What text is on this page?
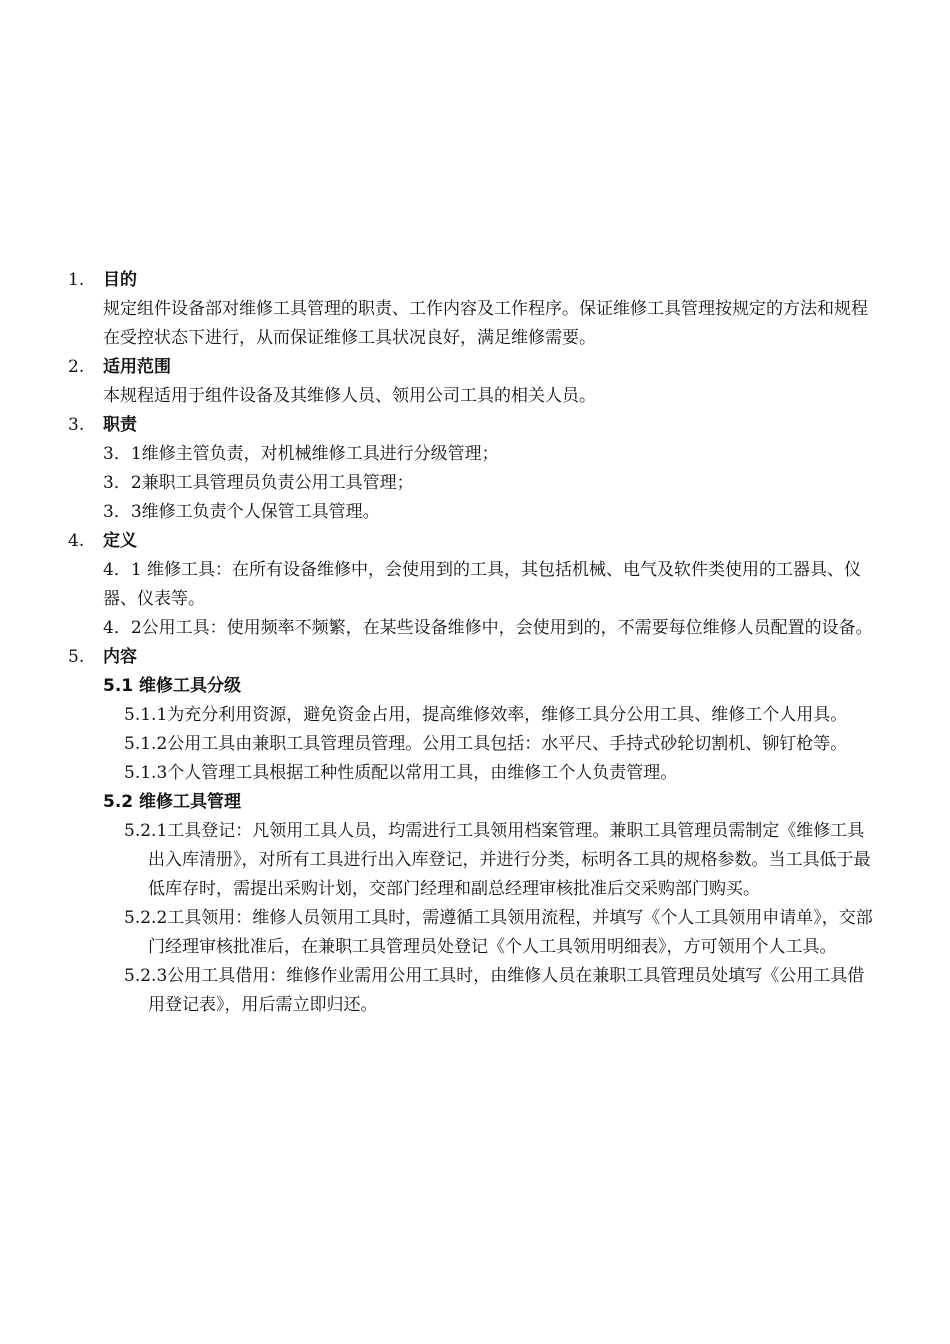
1. 目的
规定组件设备部对维修工具管理的职责、工作内容及工作程序。保证维修工具管理按规定的方法和规程在受控状态下进行，从而保证维修工具状况良好，满足维修需要。
2. 适用范围
本规程适用于组件设备及其维修人员、领用公司工具的相关人员。
3. 职责
3．1维修主管负责，对机械维修工具进行分级管理；
3．2兼职工具管理员负责公用工具管理；
3．3维修工负责个人保管工具管理。
4. 定义
4．1 维修工具：在所有设备维修中，会使用到的工具，其包括机械、电气及软件类使用的工器具、仪器、仪表等。
4．2公用工具：使用频率不频繁，在某些设备维修中，会使用到的，不需要每位维修人员配置的设备。
5. 内容
5.1 维修工具分级
5.1.1为充分利用资源，避免资金占用，提高维修效率，维修工具分公用工具、维修工个人用具。
5.1.2公用工具由兼职工具管理员管理。公用工具包括：水平尺、手持式砂轮切割机、铆钉枪等。
5.1.3个人管理工具根据工种性质配以常用工具，由维修工个人负责管理。
5.2 维修工具管理
5.2.1工具登记：凡领用工具人员，均需进行工具领用档案管理。兼职工具管理员需制定《维修工具出入库清册》，对所有工具进行出入库登记，并进行分类，标明各工具的规格参数。当工具低于最低库存时，需提出采购计划，交部门经理和副总经理审核批准后交采购部门购买。
5.2.2工具领用：维修人员领用工具时，需遵循工具领用流程，并填写《个人工具领用申请单》，交部门经理审核批准后，在兼职工具管理员处登记《个人工具领用明细表》，方可领用个人工具。
5.2.3公用工具借用：维修作业需用公用工具时，由维修人员在兼职工具管理员处填写《公用工具借用登记表》，用后需立即归还。
